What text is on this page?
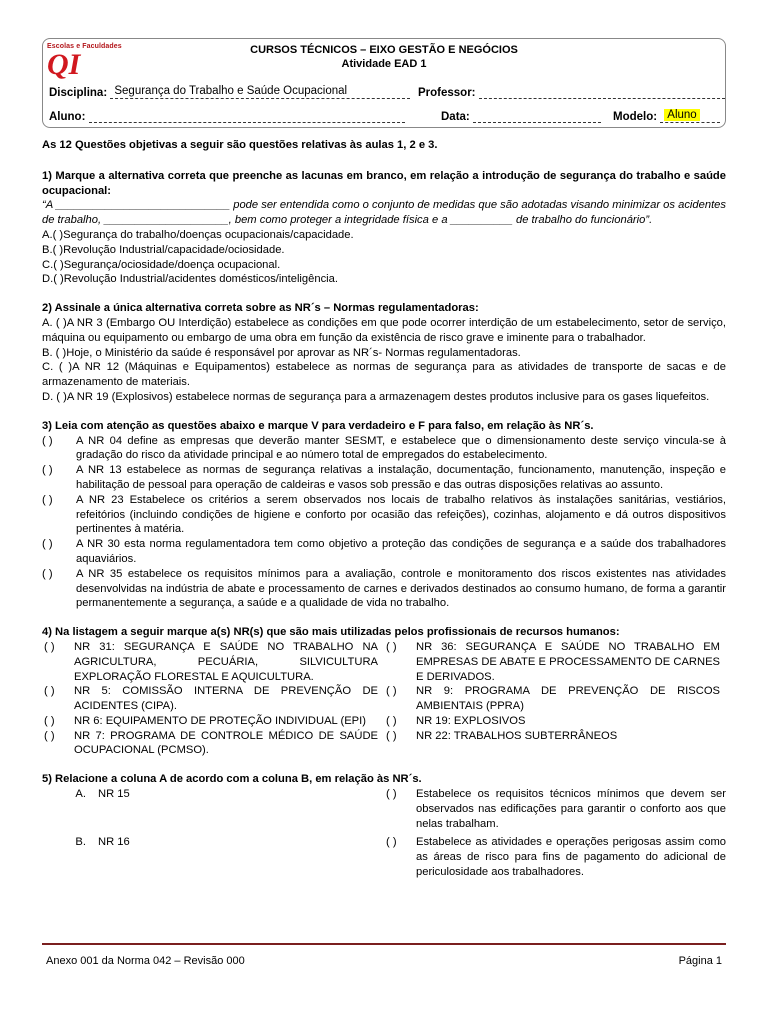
Escolas e Faculdades
QI	CURSOS TÉCNICOS – EIXO GESTÃO E NEGÓCIOS
Atividade EAD 1
Disciplina: Segurança do Trabalho e Saúde Ocupacional	Professor:
Aluno:	Data:	Modelo: Aluno
As 12 Questões objetivas a seguir são questões relativas às aulas 1, 2 e 3.
1) Marque a alternativa correta que preenche as lacunas em branco, em relação a introdução de segurança do trabalho e saúde ocupacional:
“A ____________________________ pode ser entendida como o conjunto de medidas que são adotadas visando minimizar os acidentes de trabalho, ____________________, bem como proteger a integridade física e a __________ de trabalho do funcionário”.
A.( )Segurança do trabalho/doenças ocupacionais/capacidade.
B.( )Revolução Industrial/capacidade/ociosidade.
C.( )Segurança/ociosidade/doença ocupacional.
D.( )Revolução Industrial/acidentes domésticos/inteligência.
2) Assinale a única alternativa correta sobre as NR´s – Normas regulamentadoras:
A. ( )A NR 3 (Embargo OU Interdição) estabelece as condições em que pode ocorrer interdição de um estabelecimento, setor de serviço, máquina ou equipamento ou embargo de uma obra em função da existência de risco grave e iminente para o trabalhador.
B. ( )Hoje, o Ministério da saúde é responsável por aprovar as NR´s- Normas regulamentadoras.
C. ( )A NR 12 (Máquinas e Equipamentos) estabelece as normas de segurança para as atividades de transporte de sacas e de armazenamento de materiais.
D. ( )A NR 19 (Explosivos) estabelece normas de segurança para a armazenagem destes produtos inclusive para os gases liquefeitos.
3) Leia com atenção as questões abaixo e marque V para verdadeiro e F para falso, em relação às NR´s.
( )	A NR 04 define as empresas que deverão manter SESMT, e estabelece que o dimensionamento deste serviço vincula-se à gradação do risco da atividade principal e ao número total de empregados do estabelecimento.
( )	A NR 13 estabelece as normas de segurança relativas a instalação, documentação, funcionamento, manutenção, inspeção e habilitação de pessoal para operação de caldeiras e vasos sob pressão e das outras disposições relativas ao assunto.
( )	A NR 23 Estabelece os critérios a serem observados nos locais de trabalho relativos às instalações sanitárias, vestiários, refeitórios (incluindo condições de higiene e conforto por ocasião das refeições), cozinhas, alojamento e dá outros dispositivos pertinentes à matéria.
( )	A NR 30 esta norma regulamentadora tem como objetivo a proteção das condições de segurança e a saúde dos trabalhadores aquaviários.
( )	A NR 35 estabelece os requisitos mínimos para a avaliação, controle e monitoramento dos riscos existentes nas atividades desenvolvidas na indústria de abate e processamento de carnes e derivados destinados ao consumo humano, de forma a garantir permanentemente a segurança, a saúde e a qualidade de vida no trabalho.
4) Na listagem a seguir marque a(s) NR(s) que são mais utilizadas pelos profissionais de recursos humanos:
( )	NR 31: SEGURANÇA E SAÚDE NO TRABALHO NA AGRICULTURA, PECUÁRIA, SILVICULTURA EXPLORAÇÃO FLORESTAL E AQUICULTURA.
( )	NR 5: COMISSÃO INTERNA DE PREVENÇÃO DE ACIDENTES (CIPA).
( )	NR 6: EQUIPAMENTO DE PROTEÇÃO INDIVIDUAL (EPI)
( )	NR 7: PROGRAMA DE CONTROLE MÉDICO DE SAÚDE OCUPACIONAL (PCMSO).
( )	NR 36: SEGURANÇA E SAÚDE NO TRABALHO EM EMPRESAS DE ABATE E PROCESSAMENTO DE CARNES E DERIVADOS.
( )	NR 9: PROGRAMA DE PREVENÇÃO DE RISCOS AMBIENTAIS (PPRA)
( )	NR 19: EXPLOSIVOS
( )	NR 22: TRABALHOS SUBTERRÂNEOS
5) Relacione a coluna A de acordo com a coluna B, em relação às NR´s.
A.	NR 15	( )	Estabelece os requisitos técnicos mínimos que devem ser observados nas edificações para garantir o conforto aos que nelas trabalham.
B.	NR 16	( )	Estabelece as atividades e operações perigosas assim como as áreas de risco para fins de pagamento do adicional de periculosidade aos trabalhadores.
Anexo 001 da Norma 042 – Revisão 000	Página 1
